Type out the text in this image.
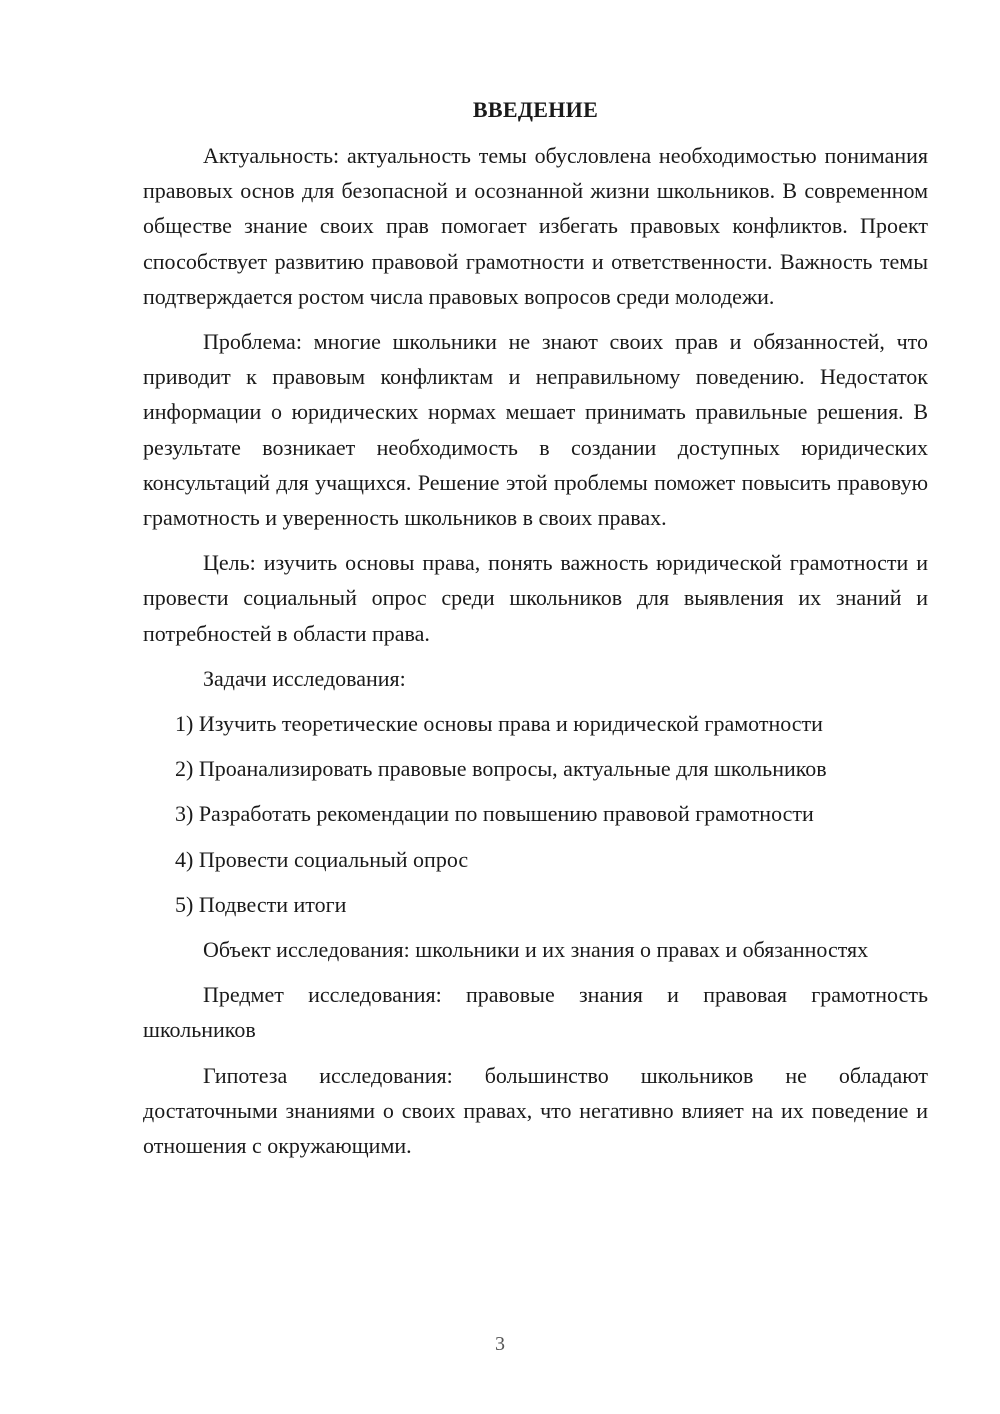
ВВЕДЕНИЕ

Актуальность: актуальность темы обусловлена необходимостью понимания правовых основ для безопасной и осознанной жизни школьников. В современном обществе знание своих прав помогает избегать правовых конфликтов. Проект способствует развитию правовой грамотности и ответственности. Важность темы подтверждается ростом числа правовых вопросов среди молодежи.

Проблема: многие школьники не знают своих прав и обязанностей, что приводит к правовым конфликтам и неправильному поведению. Недостаток информации о юридических нормах мешает принимать правильные решения. В результате возникает необходимость в создании доступных юридических консультаций для учащихся. Решение этой проблемы поможет повысить правовую грамотность и уверенность школьников в своих правах.

Цель: изучить основы права, понять важность юридической грамотности и провести социальный опрос среди школьников для выявления их знаний и потребностей в области права.

Задачи исследования:

1) Изучить теоретические основы права и юридической грамотности

2) Проанализировать правовые вопросы, актуальные для школьников

3) Разработать рекомендации по повышению правовой грамотности

4) Провести социальный опрос

5) Подвести итоги

Объект исследования: школьники и их знания о правах и обязанностях

Предмет исследования: правовые знания и правовая грамотность школьников

Гипотеза исследования: большинство школьников не обладают достаточными знаниями о своих правах, что негативно влияет на их поведение и отношения с окружающими.

3
